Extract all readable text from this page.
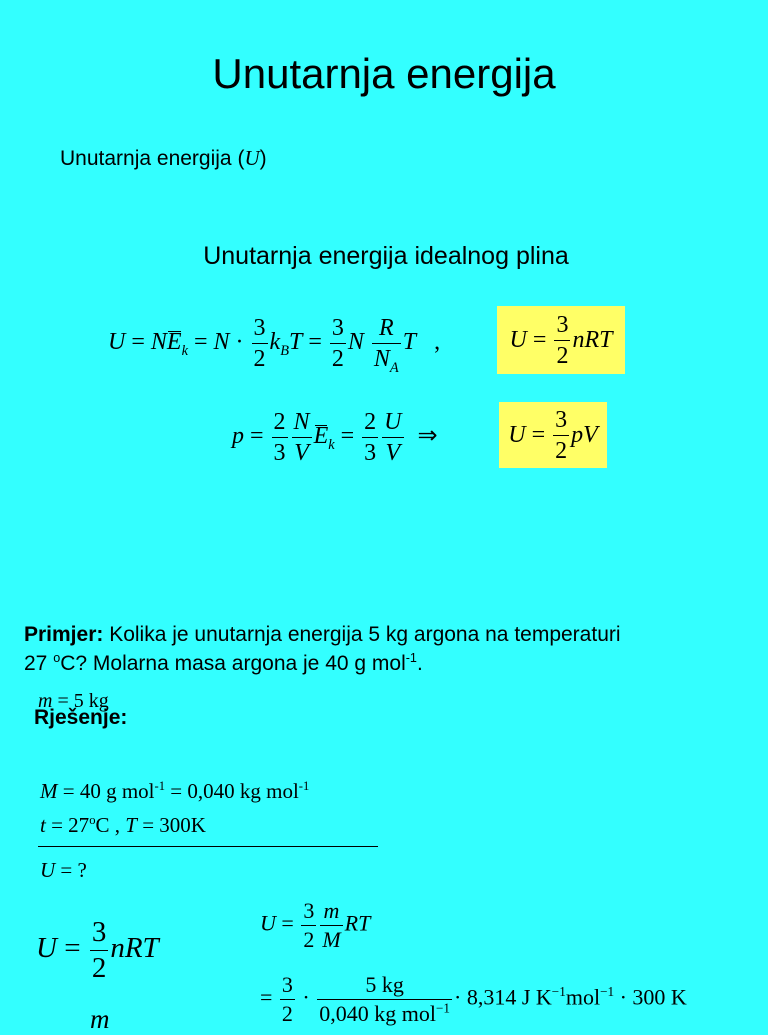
Unutarnja energija
Unutarnja energija (U)
Unutarnja energija idealnog plina
$U = NE_k = N \cdot \frac{3}{2} k_BT = \frac{3}{2}$ N $\frac{R}{N_A}$ T ,	$U = \frac{3}{2}$ nRT
$p = \frac{2}{3} \frac{N}{V} E_k = \frac{2}{3} \frac{U}{V}$ ⇒	$U = \frac{3}{2}$ pV
Primjer: Kolika je unutarnja energija 5 kg argona na temperaturi
27 $^o$C? Molarna masa argona je 40 g mol$^{-1}$.
m = 5 kg
Rješenje:
M = 40 g mol$^{-1}$ = 0,040 kg mol$^{-1}$
$t = 27^oC$ , T = 300K
U = ?
$U = \frac{3}{2}$ nRT
m
$U = \frac{3}{2} \frac{m}{M}$ RT
= $\frac{3}{2} \cdot \frac{5 kg}{0,040 kg mol^{-1}} \cdot 8,314$ J $K^{-1}mol^{-1} \cdot 300$ K
